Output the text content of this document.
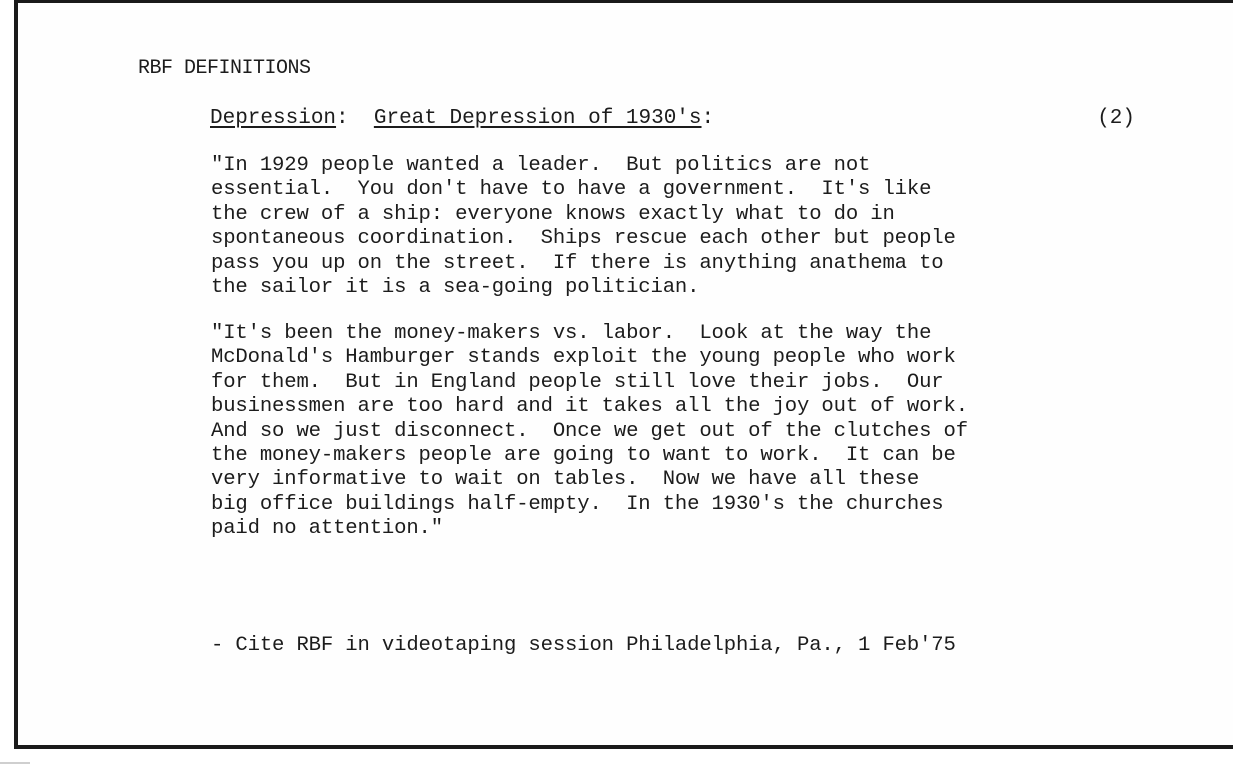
RBF DEFINITIONS
Depression: Great Depression of 1930's:	(2)
"In 1929 people wanted a leader.  But politics are not
essential.  You don't have to have a government.  It's like
the crew of a ship: everyone knows exactly what to do in
spontaneous coordination.  Ships rescue each other but people
pass you up on the street.  If there is anything anathema to
the sailor it is a sea-going politician.
"It's been the money-makers vs. labor.  Look at the way the
McDonald's Hamburger stands exploit the young people who work
for them.  But in England people still love their jobs.  Our
businessmen are too hard and it takes all the joy out of work.
And so we just disconnect.  Once we get out of the clutches of
the money-makers people are going to want to work.  It can be
very informative to wait on tables.  Now we have all these
big office buildings half-empty.  In the 1930's the churches
paid no attention."
- Cite RBF in videotaping session Philadelphia, Pa., 1 Feb'75
